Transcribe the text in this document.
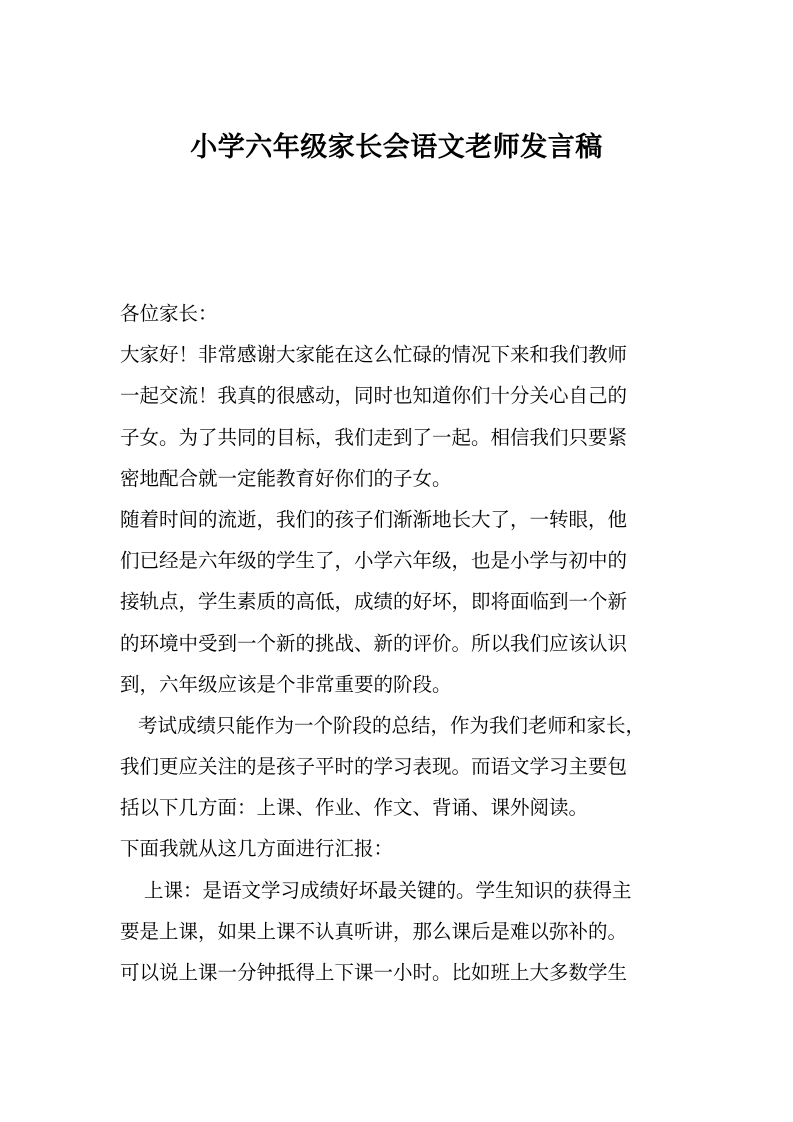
小学六年级家长会语文老师发言稿
各位家长：
大家好！非常感谢大家能在这么忙碌的情况下来和我们教师
一起交流！我真的很感动，同时也知道你们十分关心自己的
子女。为了共同的目标，我们走到了一起。相信我们只要紧
密地配合就一定能教育好你们的子女。
随着时间的流逝，我们的孩子们渐渐地长大了，一转眼，他
们已经是六年级的学生了，小学六年级，也是小学与初中的
接轨点，学生素质的高低，成绩的好坏，即将面临到一个新
的环境中受到一个新的挑战、新的评价。所以我们应该认识
到，六年级应该是个非常重要的阶段。
考试成绩只能作为一个阶段的总结，作为我们老师和家长，
我们更应关注的是孩子平时的学习表现。而语文学习主要包
括以下几方面：上课、作业、作文、背诵、课外阅读。
下面我就从这几方面进行汇报：
上课：是语文学习成绩好坏最关键的。学生知识的获得主
要是上课，如果上课不认真听讲，那么课后是难以弥补的。
可以说上课一分钟抵得上下课一小时。比如班上大多数学生
